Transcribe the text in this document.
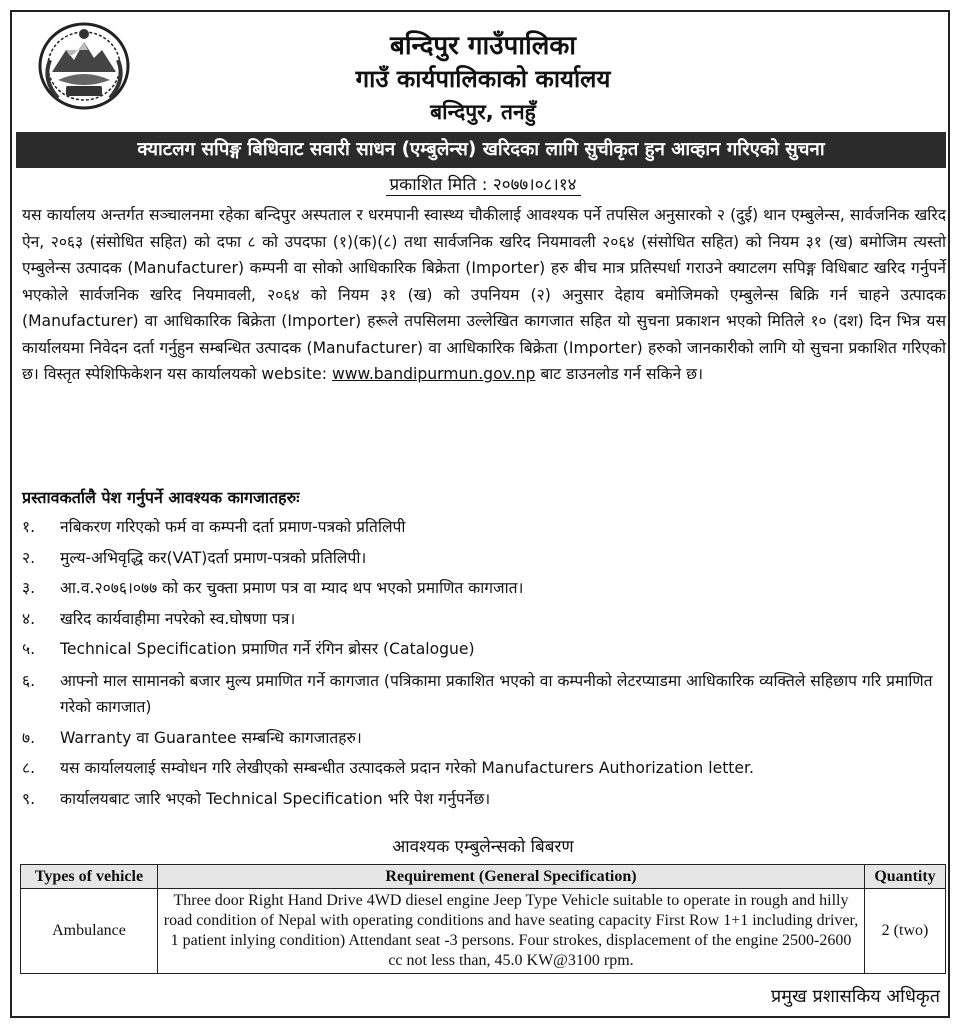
बन्दिपुर गाउँपालिका
गाउँ कार्यपालिकाको कार्यालय
बन्दिपुर, तनहुँ
क्याटलग सपिङ्ग बिधिवाट सवारी साधन (एम्बुलेन्स) खरिदका लागि सुचीकृत हुन आव्हान गरिएको सुचना
प्रकाशित मिति : २०७७।०८।१४
यस कार्यालय अन्तर्गत सञ्चालनमा रहेका बन्दिपुर अस्पताल र धरमपानी स्वास्थ्य चौकीलाई आवश्यक पर्ने तपसिल अनुसारको २ (दुई) थान एम्बुलेन्स, सार्वजनिक खरिद ऐन, २०६३ (संसोधित सहित) को दफा ८ को उपदफा (१)(क)(८) तथा सार्वजनिक खरिद नियमावली २०६४ (संसोधित सहित) को नियम ३१ (ख) बमोजिम त्यस्तो एम्बुलेन्स उत्पादक (Manufacturer) कम्पनी वा सोको आधिकारिक बिक्रेता (Importer) हरु बीच मात्र प्रतिस्पर्धा गराउने क्याटलग सपिङ्ग विधिबाट खरिद गर्नुपर्ने भएकोले सार्वजनिक खरिद नियमावली, २०६४ को नियम ३१ (ख) को उपनियम (२) अनुसार देहाय बमोजिमको एम्बुलेन्स बिक्रि गर्न चाहने उत्पादक (Manufacturer) वा आधिकारिक बिक्रेता (Importer) हरूले तपसिलमा उल्लेखित कागजात सहित यो सुचना प्रकाशन भएको मितिले १० (दश) दिन भित्र यस कार्यालयमा निवेदन दर्ता गर्नुहुन सम्बन्धित उत्पादक (Manufacturer) वा आधिकारिक बिक्रेता (Importer) हरुको जानकारीको लागि यो सुचना प्रकाशित गरिएको छ। विस्तृत स्पेशिफिकेशन यस कार्यालयको website: www.bandipurmun.gov.np बाट डाउनलोड गर्न सकिने छ।
प्रस्तावकर्तालै पेश गर्नुपर्ने आवश्यक कागजातहरुः
१.	नबिकरण गरिएको फर्म वा कम्पनी दर्ता प्रमाण-पत्रको प्रतिलिपी
२.	मुल्य-अभिवृद्धि कर(VAT)दर्ता प्रमाण-पत्रको प्रतिलिपी।
३.	आ.व.२०७६।०७७ को कर चुक्ता प्रमाण पत्र वा म्याद थप भएको प्रमाणित कागजात।
४.	खरिद कार्यवाहीमा नपरेको स्व.घोषणा पत्र।
५.	Technical Specification प्रमाणित गर्ने रंगिन ब्रोसर (Catalogue)
६.	आफ्नो माल सामानको बजार मुल्य प्रमाणित गर्ने कागजात (पत्रिकामा प्रकाशित भएको वा कम्पनीको लेटरप्याडमा आधिकारिक व्यक्तिले सहिछाप गरि प्रमाणित गरेको कागजात)
७.	Warranty वा Guarantee सम्बन्धि कागजातहरु।
८.	यस कार्यालयलाई सम्वोधन गरि लेखीएको सम्बन्धीत उत्पादकले प्रदान गरेको Manufacturers Authorization letter.
९.	कार्यालयबाट जारि भएको Technical Specification भरि पेश गर्नुपर्नेछ।
आवश्यक एम्बुलेन्सको बिबरण
Types of vehicle	Requirement (General Specification)	Quantity
Ambulance	Three door Right Hand Drive 4WD diesel engine Jeep Type Vehicle suitable to operate in rough and hilly road condition of Nepal with operating conditions and have seating capacity First Row 1+1 including driver, 1 patient inlying condition) Attendant seat -3 persons. Four strokes, displacement of the engine 2500-2600 cc not less than, 45.0 KW@3100 rpm.	2 (two)
प्रमुख प्रशासकिय अधिकृत
